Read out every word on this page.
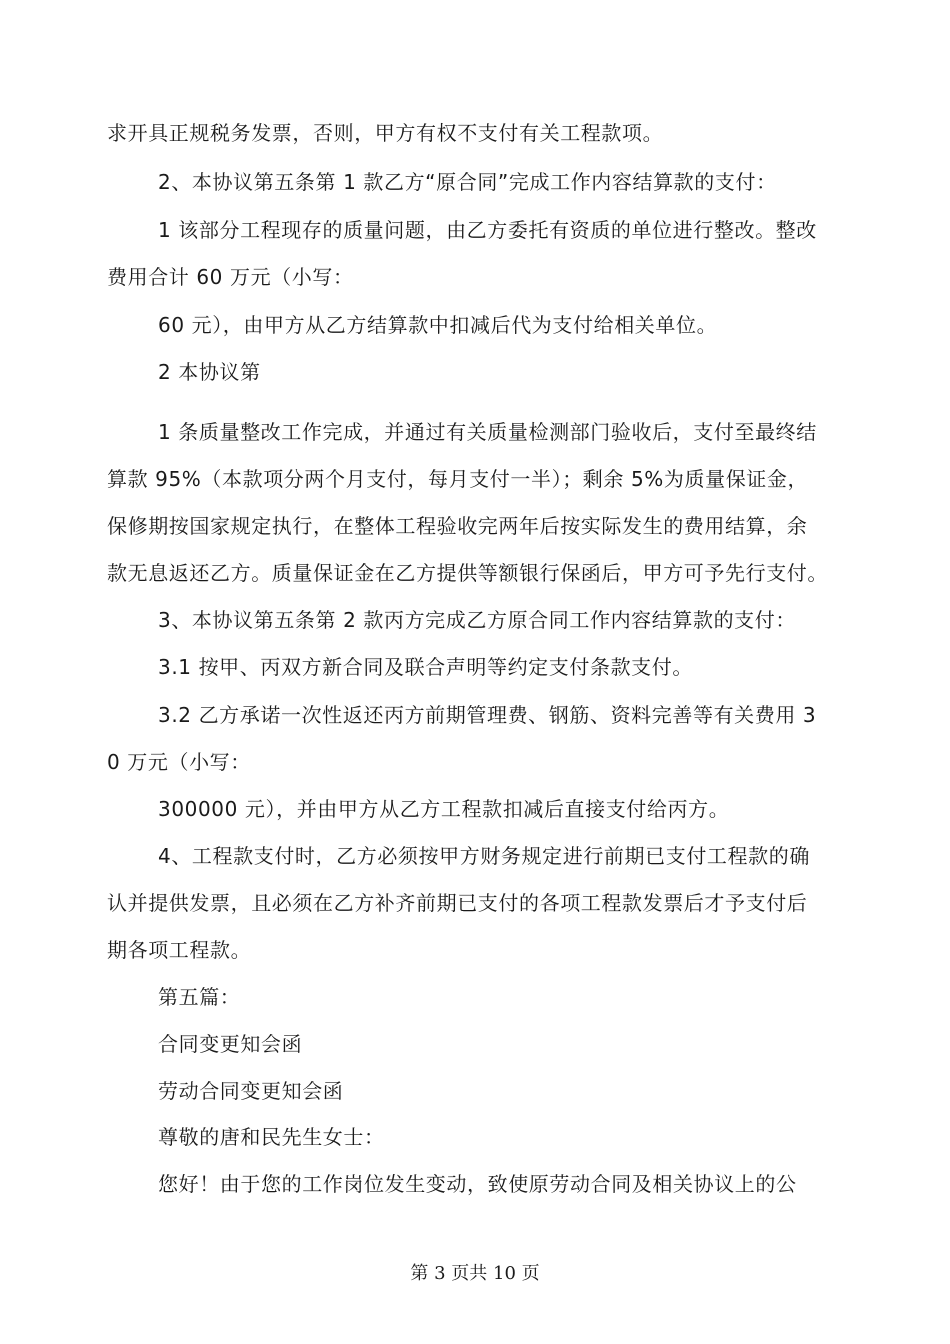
求开具正规税务发票，否则，甲方有权不支付有关工程款项。
2、本协议第五条第 1 款乙方“原合同”完成工作内容结算款的支付：
1 该部分工程现存的质量问题，由乙方委托有资质的单位进行整改。整改
费用合计 60 万元（小写：
60 元），由甲方从乙方结算款中扣减后代为支付给相关单位。
2 本协议第
1 条质量整改工作完成，并通过有关质量检测部门验收后，支付至最终结
算款 95%（本款项分两个月支付，每月支付一半）；剩余 5%为质量保证金，
保修期按国家规定执行，在整体工程验收完两年后按实际发生的费用结算，余
款无息返还乙方。质量保证金在乙方提供等额银行保函后，甲方可予先行支付。
3、本协议第五条第 2 款丙方完成乙方原合同工作内容结算款的支付：
3.1 按甲、丙双方新合同及联合声明等约定支付条款支付。
3.2 乙方承诺一次性返还丙方前期管理费、钢筋、资料完善等有关费用 3
0 万元（小写：
300000 元），并由甲方从乙方工程款扣减后直接支付给丙方。
4、工程款支付时，乙方必须按甲方财务规定进行前期已支付工程款的确
认并提供发票，且必须在乙方补齐前期已支付的各项工程款发票后才予支付后
期各项工程款。
第五篇：
合同变更知会函
劳动合同变更知会函
尊敬的唐和民先生女士：
您好！由于您的工作岗位发生变动，致使原劳动合同及相关协议上的公
第 3 页共 10 页
